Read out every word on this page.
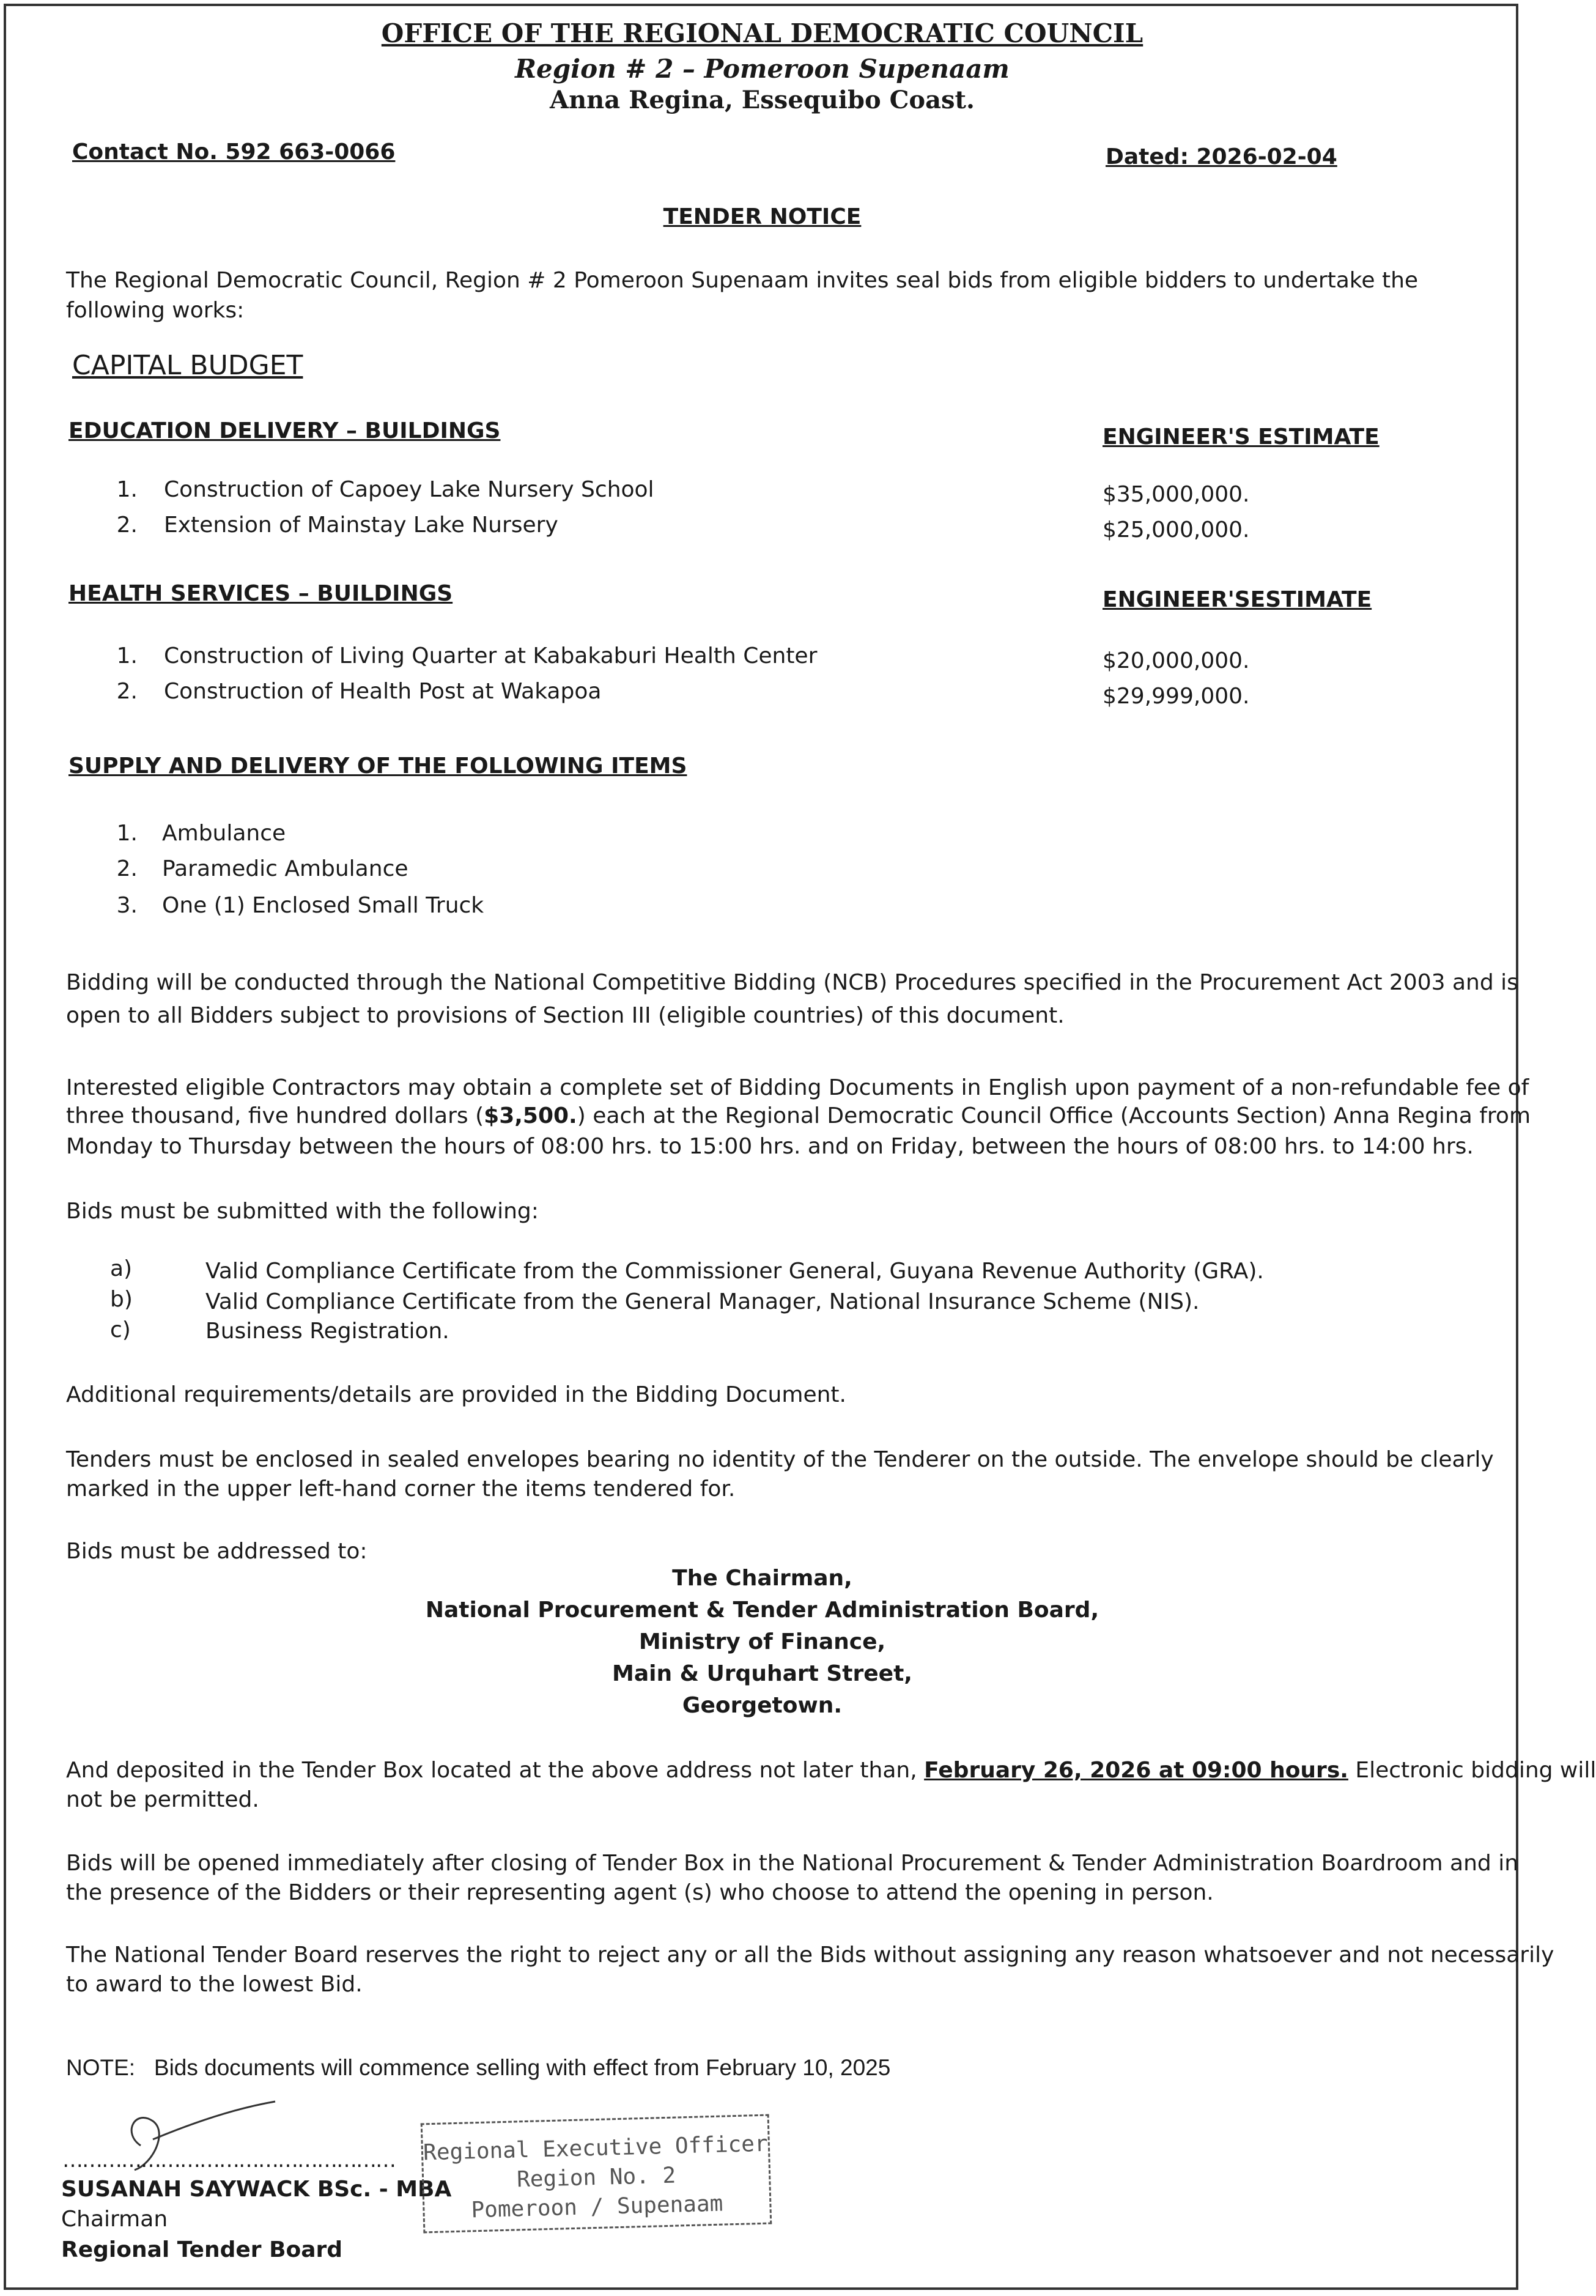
OFFICE OF THE REGIONAL DEMOCRATIC COUNCIL
Region # 2 – Pomeroon Supenaam
Anna Regina, Essequibo Coast.
Contact No. 592 663-0066	Dated: 2026-02-04
TENDER NOTICE
The Regional Democratic Council, Region # 2 Pomeroon Supenaam invites seal bids from eligible bidders to undertake the following works:
CAPITAL BUDGET
EDUCATION DELIVERY – BUILDINGS	ENGINEER'S ESTIMATE
1. Construction of Capoey Lake Nursery School	$35,000,000.
2. Extension of Mainstay Lake Nursery	$25,000,000.
HEALTH SERVICES – BUILDINGS	ENGINEER'SESTIMATE
1. Construction of Living Quarter at Kabakaburi Health Center	$20,000,000.
2. Construction of Health Post at Wakapoa	$29,999,000.
SUPPLY AND DELIVERY OF THE FOLLOWING ITEMS
1. Ambulance
2. Paramedic Ambulance
3. One (1) Enclosed Small Truck
Bidding will be conducted through the National Competitive Bidding (NCB) Procedures specified in the Procurement Act 2003 and is
open to all Bidders subject to provisions of Section III (eligible countries) of this document.
Interested eligible Contractors may obtain a complete set of Bidding Documents in English upon payment of a non-refundable fee of
three thousand, five hundred dollars ($3,500.) each at the Regional Democratic Council Office (Accounts Section) Anna Regina from
Monday to Thursday between the hours of 08:00 hrs. to 15:00 hrs. and on Friday, between the hours of 08:00 hrs. to 14:00 hrs.
Bids must be submitted with the following:
a)	Valid Compliance Certificate from the Commissioner General, Guyana Revenue Authority (GRA).
b)	Valid Compliance Certificate from the General Manager, National Insurance Scheme (NIS).
c)	Business Registration.
Additional requirements/details are provided in the Bidding Document.
Tenders must be enclosed in sealed envelopes bearing no identity of the Tenderer on the outside. The envelope should be clearly
marked in the upper left-hand corner the items tendered for.
Bids must be addressed to:
The Chairman,
National Procurement & Tender Administration Board,
Ministry of Finance,
Main & Urquhart Street,
Georgetown.
And deposited in the Tender Box located at the above address not later than, February 26, 2026 at 09:00 hours. Electronic bidding will
not be permitted.
Bids will be opened immediately after closing of Tender Box in the National Procurement & Tender Administration Boardroom and in
the presence of the Bidders or their representing agent (s) who choose to attend the opening in person.
The National Tender Board reserves the right to reject any or all the Bids without assigning any reason whatsoever and not necessarily
to award to the lowest Bid.
NOTE:   Bids documents will commence selling with effect from February 10, 2025
……………………………………………
SUSANAH SAYWACK BSc. - MBA
Chairman
Regional Tender Board
Regional Executive Officer
Region No. 2
Pomeroon / Supenaam
